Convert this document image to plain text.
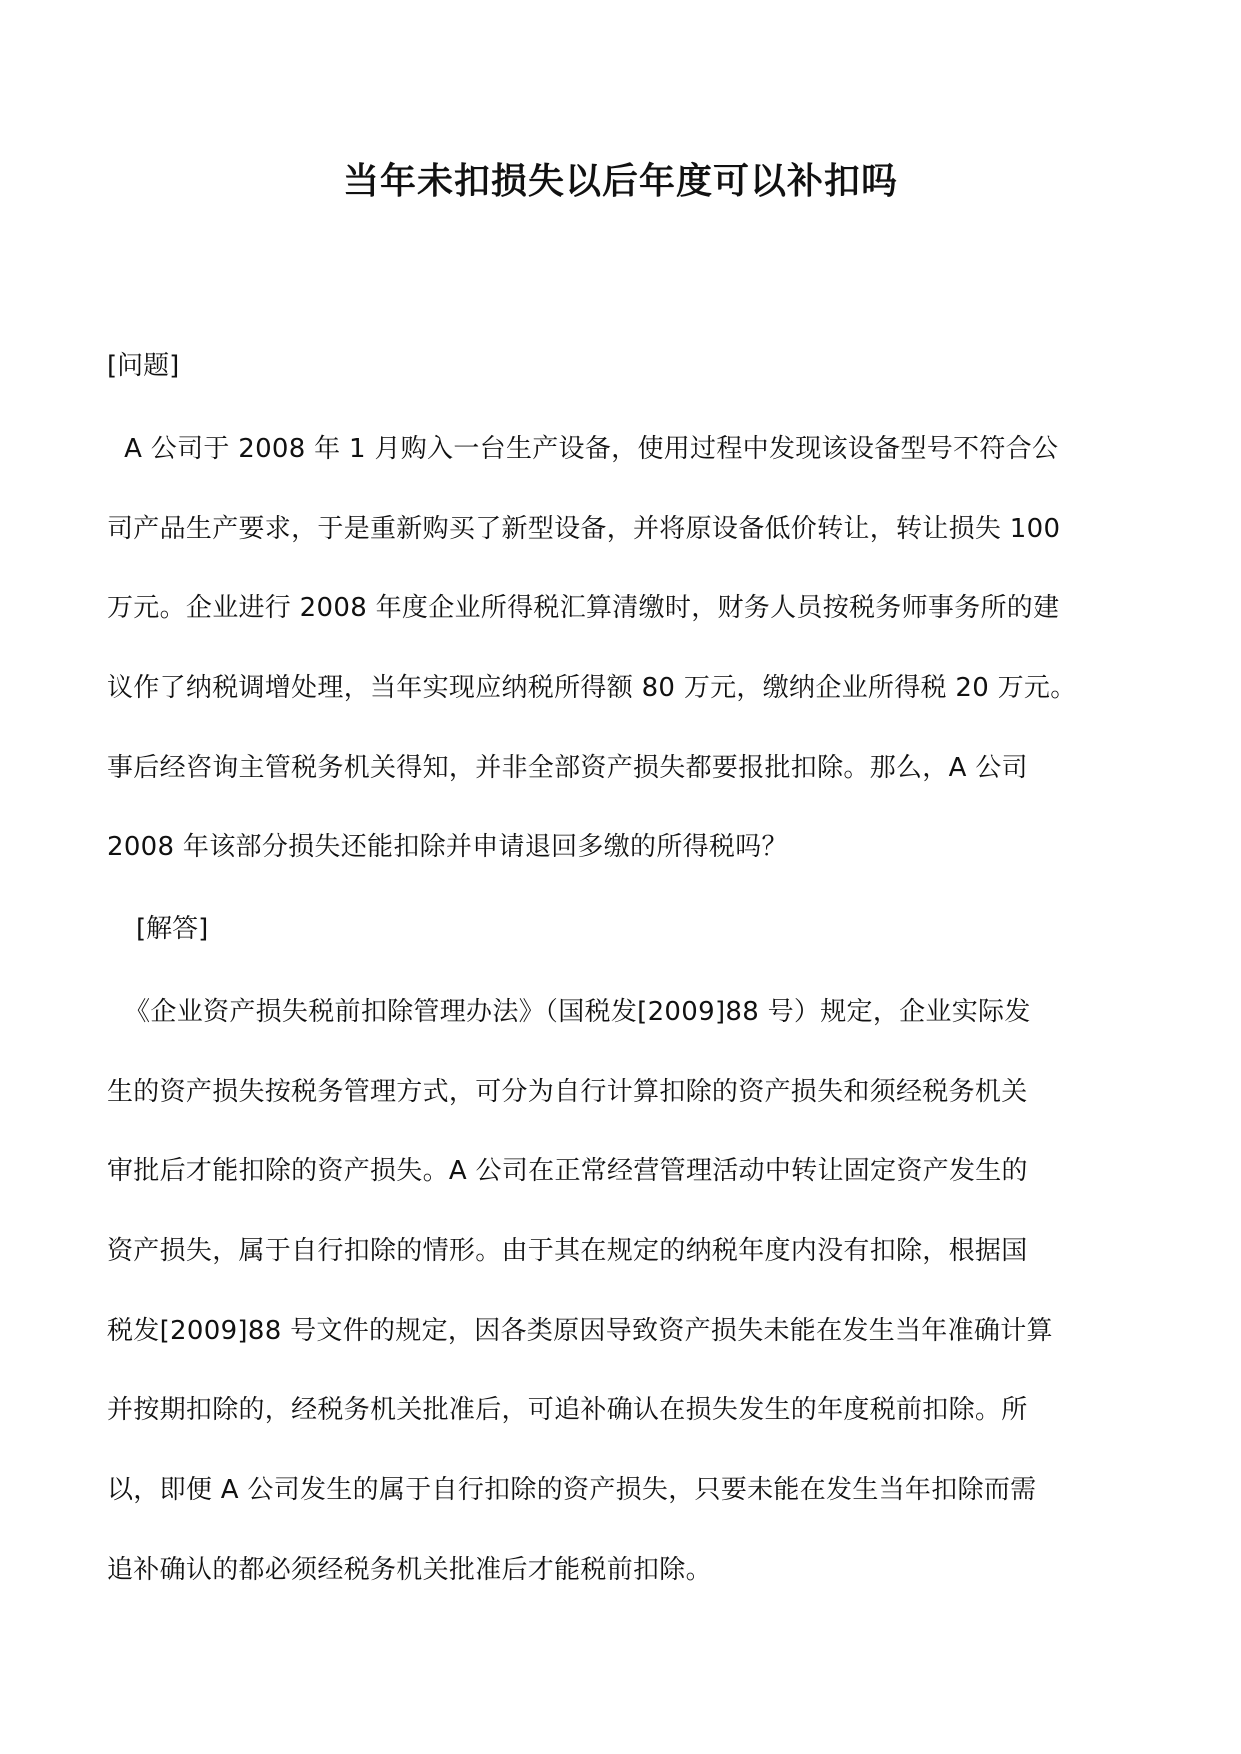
当年未扣损失以后年度可以补扣吗

[问题]

A 公司于 2008 年 1 月购入一台生产设备，使用过程中发现该设备型号不符合公

司产品生产要求，于是重新购买了新型设备，并将原设备低价转让，转让损失 100

万元。企业进行 2008 年度企业所得税汇算清缴时，财务人员按税务师事务所的建

议作了纳税调增处理，当年实现应纳税所得额 80 万元，缴纳企业所得税 20 万元。

事后经咨询主管税务机关得知，并非全部资产损失都要报批扣除。那么，A 公司

2008 年该部分损失还能扣除并申请退回多缴的所得税吗？

[解答]

《企业资产损失税前扣除管理办法》（国税发[2009]88 号）规定，企业实际发

生的资产损失按税务管理方式，可分为自行计算扣除的资产损失和须经税务机关

审批后才能扣除的资产损失。A 公司在正常经营管理活动中转让固定资产发生的

资产损失，属于自行扣除的情形。由于其在规定的纳税年度内没有扣除，根据国

税发[2009]88 号文件的规定，因各类原因导致资产损失未能在发生当年准确计算

并按期扣除的，经税务机关批准后，可追补确认在损失发生的年度税前扣除。所

以，即便 A 公司发生的属于自行扣除的资产损失，只要未能在发生当年扣除而需

追补确认的都必须经税务机关批准后才能税前扣除。
